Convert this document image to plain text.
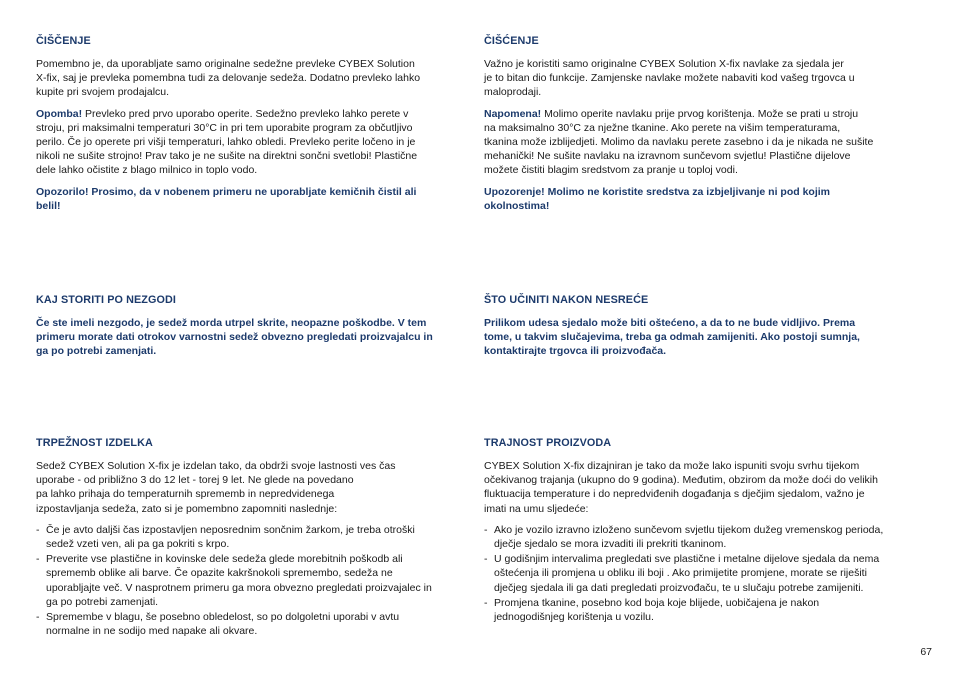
ČIŠČENJE

Pomembno je, da uporabljate samo originalne sedežne prevleke CYBEX Solution
X-fix, saj je prevleka pomembna tudi za delovanje sedeža. Dodatno prevleko lahko
kupite pri svojem prodajalcu.

Opomba! Prevleko pred prvo uporabo operite. Sedežno prevleko lahko perete v
stroju, pri maksimalni temperaturi 30°C in pri tem uporabite program za občutljivo
perilo. Če jo operete pri višji temperaturi, lahko obledi. Prevleko perite ločeno in je
nikoli ne sušite strojno! Prav tako je ne sušite na direktni sončni svetlobi! Plastične
dele lahko očistite z blago milnico in toplo vodo.

Opozorilo! Prosimo, da v nobenem primeru ne uporabljate kemičnih čistil ali
belil!

KAJ STORITI PO NEZGODI

Če ste imeli nezgodo, je sedež morda utrpel skrite, neopazne poškodbe. V tem
primeru morate dati otrokov varnostni sedež obvezno pregledati proizvajalcu in
ga po potrebi zamenjati.

TRPEŽNOST IZDELKA

Sedež CYBEX Solution X-fix je izdelan tako, da obdrži svoje lastnosti ves čas
uporabe - od približno 3 do 12 let - torej 9 let. Ne glede na povedano
pa lahko prihaja do temperaturnih sprememb in nepredvidenega
izpostavljanja sedeža, zato si je pomembno zapomniti naslednje:

- Če je avto daljši čas izpostavljen neposrednim sončnim žarkom, je treba otroški
sedež vzeti ven, ali pa ga pokriti s krpo.
- Preverite vse plastične in kovinske dele sedeža glede morebitnih poškodb ali
sprememb oblike ali barve. Če opazite kakršnokoli spremembo, sedeža ne
uporabljajte več. V nasprotnem primeru ga mora obvezno pregledati proizvajalec in
ga po potrebi zamenjati.
- Spremembe v blagu, še posebno obledelost, so po dolgoletni uporabi v avtu
normalne in ne sodijo med napake ali okvare.
ČIŠĆENJE

Važno je koristiti samo originalne CYBEX Solution X-fix navlake za sjedala jer
je to bitan dio funkcije. Zamjenske navlake možete nabaviti kod vašeg trgovca u
maloprodaji.

Napomena! Molimo operite navlaku prije prvog korištenja. Može se prati u stroju
na maksimalno 30°C za nježne tkanine. Ako perete na višim temperaturama,
tkanina može izblijedjeti. Molimo da navlaku perete zasebno i da je nikada ne sušite
mehanički! Ne sušite navlaku na izravnom sunčevom svjetlu! Plastične dijelove
možete čistiti blagim sredstvom za pranje u toploj vodi.

Upozorenje! Molimo ne koristite sredstva za izbjeljivanje ni pod kojim
okolnostima!

ŠTO UČINITI NAKON NESREĆE

Prilikom udesa sjedalo može biti oštećeno, a da to ne bude vidljivo. Prema
tome, u takvim slučajevima, treba ga odmah zamijeniti. Ako postoji sumnja,
kontaktirajte trgovca ili proizvođača.

TRAJNOST PROIZVODA

CYBEX Solution X-fix dizajniran je tako da može lako ispuniti svoju svrhu tijekom
očekivanog trajanja (ukupno do 9 godina). Međutim, obzirom da može doći do velikih
fluktuacija temperature i do nepredviđenih događanja s dječjim sjedalom, važno je
imati na umu sljedeće:

- Ako je vozilo izravno izloženo sunčevom svjetlu tijekom dužeg vremenskog perioda,
dječje sjedalo se mora izvaditi ili prekriti tkaninom.
- U godišnjim intervalima pregledati sve plastične i metalne dijelove sjedala da nema
oštećenja ili promjena u obliku ili boji . Ako primijetite promjene, morate se riješiti
dječjeg sjedala ili ga dati pregledati proizvođaču, te u slučaju potrebe zamijeniti.
- Promjena tkanine, posebno kod boja koje blijede, uobičajena je nakon
jednogodišnjeg korištenja u vozilu.
67
